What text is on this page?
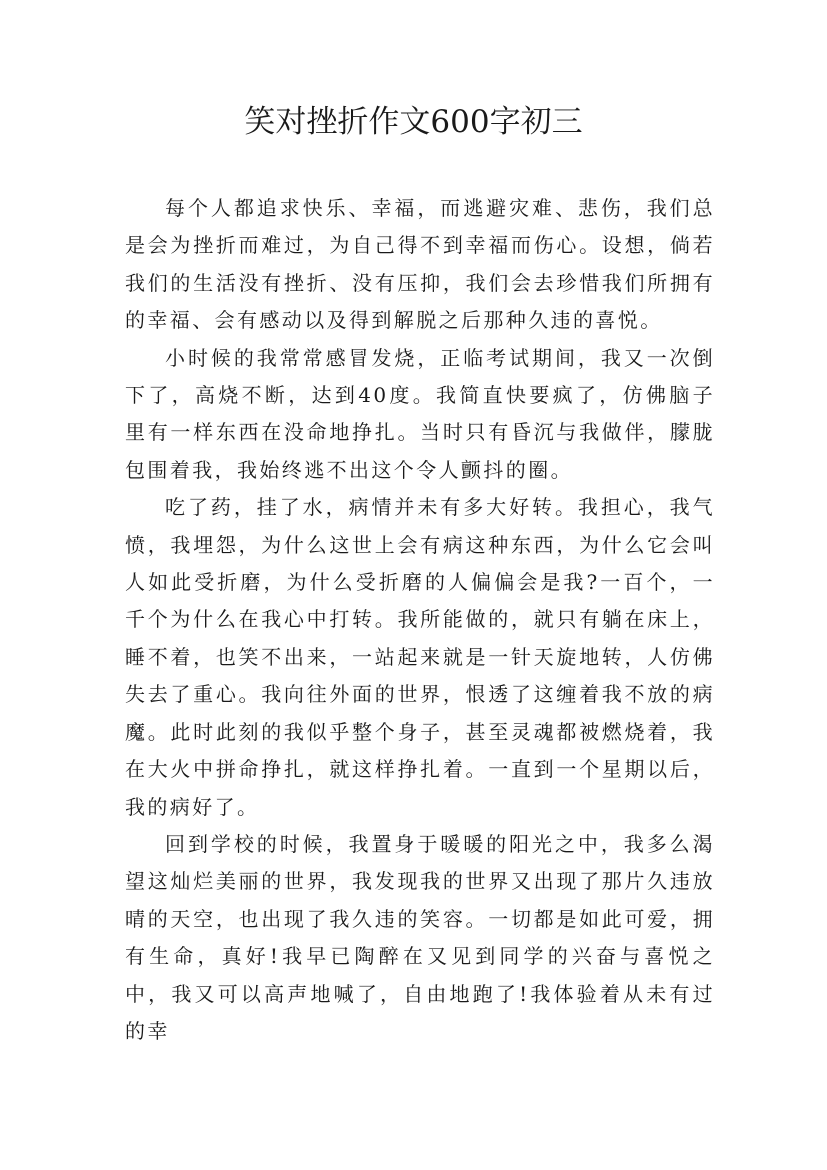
笑对挫折作文600字初三

每个人都追求快乐、幸福，而逃避灾难、悲伤，我们总是会为挫折而难过，为自己得不到幸福而伤心。设想，倘若我们的生活没有挫折、没有压抑，我们会去珍惜我们所拥有的幸福、会有感动以及得到解脱之后那种久违的喜悦。

小时候的我常常感冒发烧，正临考试期间，我又一次倒下了，高烧不断，达到40度。我简直快要疯了，仿佛脑子里有一样东西在没命地挣扎。当时只有昏沉与我做伴，朦胧包围着我，我始终逃不出这个令人颤抖的圈。

吃了药，挂了水，病情并未有多大好转。我担心，我气愤，我埋怨，为什么这世上会有病这种东西，为什么它会叫人如此受折磨，为什么受折磨的人偏偏会是我?一百个，一千个为什么在我心中打转。我所能做的，就只有躺在床上，睡不着，也笑不出来，一站起来就是一针天旋地转，人仿佛失去了重心。我向往外面的世界，恨透了这缠着我不放的病魔。此时此刻的我似乎整个身子，甚至灵魂都被燃烧着，我在大火中拼命挣扎，就这样挣扎着。一直到一个星期以后，我的病好了。

回到学校的时候，我置身于暖暖的阳光之中，我多么渴望这灿烂美丽的世界，我发现我的世界又出现了那片久违放晴的天空，也出现了我久违的笑容。一切都是如此可爱，拥有生命，真好!我早已陶醉在又见到同学的兴奋与喜悦之中，我又可以高声地喊了，自由地跑了!我体验着从未有过的幸
